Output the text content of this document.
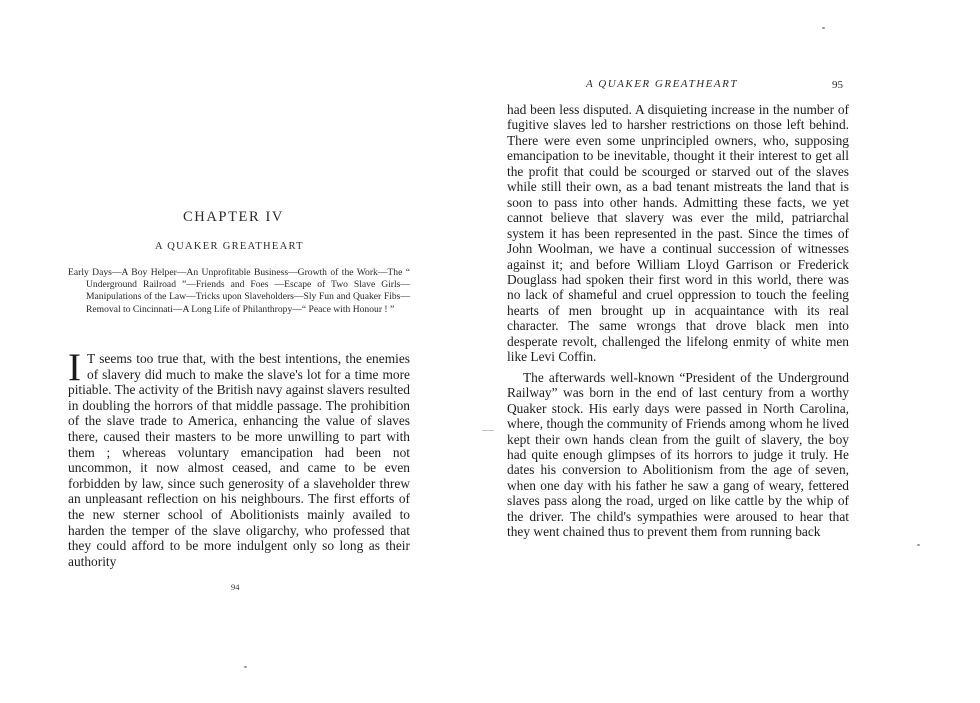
CHAPTER IV
A QUAKER GREATHEART
Early Days—A Boy Helper—An Unprofitable Business—Growth of the Work—The “ Underground Railroad ”—Friends and Foes —Escape of Two Slave Girls—Manipulations of the Law—Tricks upon Slaveholders—Sly Fun and Quaker Fibs—Removal to Cincinnati—A Long Life of Philanthropy—“ Peace with Honour ! ”
I T seems too true that, with the best intentions, the enemies of slavery did much to make the slave's lot for a time more pitiable. The activity of the British navy against slavers resulted in doubling the horrors of that middle passage. The prohibition of the slave trade to America, enhancing the value of slaves there, caused their masters to be more unwilling to part with them ; whereas voluntary emancipation had been not uncommon, it now almost ceased, and came to be even forbidden by law, since such generosity of a slaveholder threw an unpleasant reflection on his neighbours. The first efforts of the new sterner school of Abolitionists mainly availed to harden the temper of the slave oligarchy, who professed that they could afford to be more indulgent only so long as their authority
94
A QUAKER GREATHEART	95

had been less disputed. A disquieting increase in the number of fugitive slaves led to harsher restrictions on those left behind. There were even some unprincipled owners, who, supposing emancipation to be inevitable, thought it their interest to get all the profit that could be scourged or starved out of the slaves while still their own, as a bad tenant mistreats the land that is soon to pass into other hands. Admitting these facts, we yet cannot believe that slavery was ever the mild, patriarchal system it has been represented in the past. Since the times of John Woolman, we have a continual succession of witnesses against it; and before William Lloyd Garrison or Frederick Douglass had spoken their first word in this world, there was no lack of shameful and cruel oppression to touch the feeling hearts of men brought up in acquaintance with its real character. The same wrongs that drove black men into desperate revolt, challenged the lifelong enmity of white men like Levi Coffin.

The afterwards well-known “President of the Underground Railway” was born in the end of last century from a worthy Quaker stock. His early days were passed in North Carolina, where, though the community of Friends among whom he lived kept their own hands clean from the guilt of slavery, the boy had quite enough glimpses of its horrors to judge it truly. He dates his conversion to Abolitionism from the age of seven, when one day with his father he saw a gang of weary, fettered slaves pass along the road, urged on like cattle by the whip of the driver. The child's sympathies were aroused to hear that they went chained thus to prevent them from running back
